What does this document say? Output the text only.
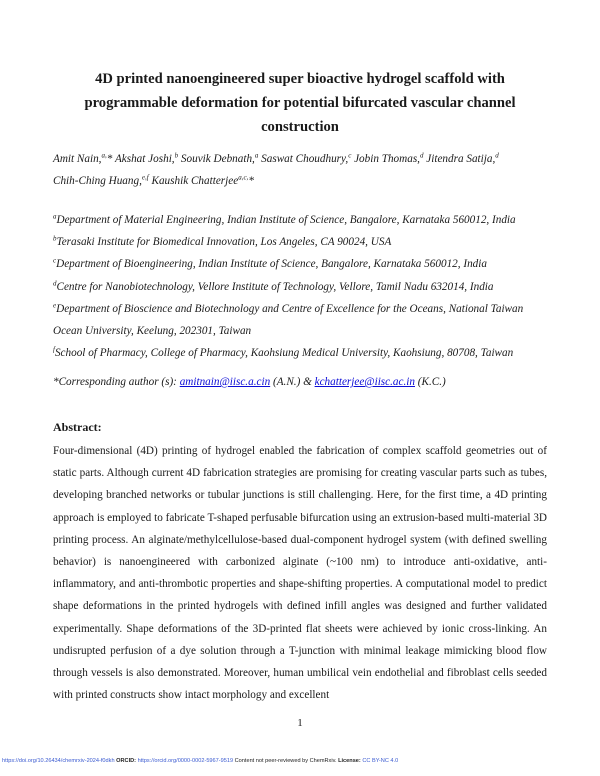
4D printed nanoengineered super bioactive hydrogel scaffold with
programmable deformation for potential bifurcated vascular channel
construction
Amit Nain,$^{a,}$* Akshat Joshi,$^b$ Souvik Debnath,$^a$ Saswat Choudhury,$^c$ Jobin Thomas,$^d$ Jitendra Satija,$^d$
Chih-Ching Huang,$^{e,f}$ Kaushik Chatterjee$^{a,c,}$*
$^a$Department of Material Engineering, Indian Institute of Science, Bangalore, Karnataka 560012, India
$^b$Terasaki Institute for Biomedical Innovation, Los Angeles, CA 90024, USA
$^c$Department of Bioengineering, Indian Institute of Science, Bangalore, Karnataka 560012, India
$^d$Centre for Nanobiotechnology, Vellore Institute of Technology, Vellore, Tamil Nadu 632014, India
$^e$Department of Bioscience and Biotechnology and Centre of Excellence for the Oceans, National Taiwan Ocean University, Keelung, 202301, Taiwan
$^f$School of Pharmacy, College of Pharmacy, Kaohsiung Medical University, Kaohsiung, 80708, Taiwan
*Corresponding author (s): amitnain@iisc.a.cin (A.N.) & kchatterjee@iisc.ac.in (K.C.)
Abstract:
Four-dimensional (4D) printing of hydrogel enabled the fabrication of complex scaffold geometries out of static parts. Although current 4D fabrication strategies are promising for creating vascular parts such as tubes, developing branched networks or tubular junctions is still challenging. Here, for the first time, a 4D printing approach is employed to fabricate T-shaped perfusable bifurcation using an extrusion-based multi-material 3D printing process. An alginate/methylcellulose-based dual-component hydrogel system (with defined swelling behavior) is nanoengineered with carbonized alginate (~100 nm) to introduce anti-oxidative, anti-inflammatory, and anti-thrombotic properties and shape-shifting properties. A computational model to predict shape deformations in the printed hydrogels with defined infill angles was designed and further validated experimentally. Shape deformations of the 3D-printed flat sheets were achieved by ionic cross-linking. An undisrupted perfusion of a dye solution through a T-junction with minimal leakage mimicking blood flow through vessels is also demonstrated. Moreover, human umbilical vein endothelial and fibroblast cells seeded with printed constructs show intact morphology and excellent
1
https://doi.org/10.26434/chemrxiv-2024-f0dkh ORCID: https://orcid.org/0000-0002-5967-9519 Content not peer-reviewed by ChemRxiv. License: CC BY-NC 4.0
